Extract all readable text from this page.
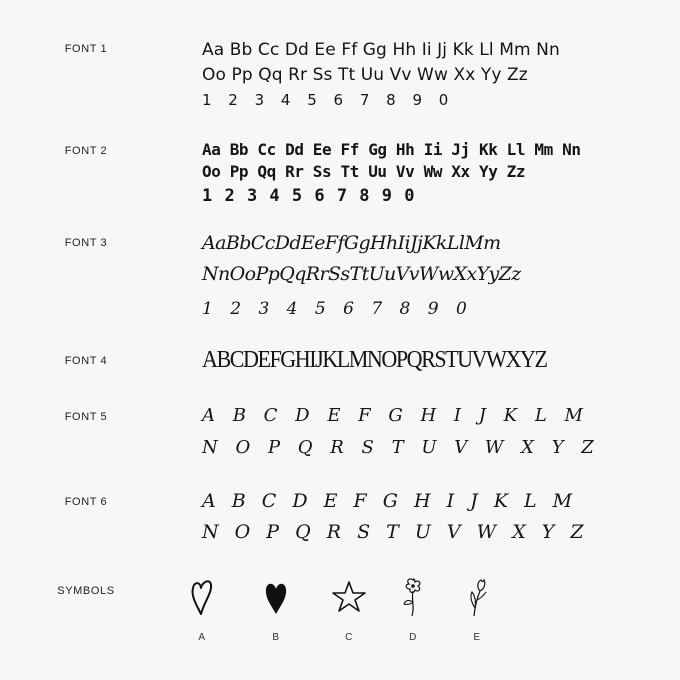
FONT 1	Aa Bb Cc Dd Ee Ff Gg Hh Ii Jj Kk Ll Mm Nn
Oo Pp Qq Rr Ss Tt Uu Vv Ww Xx Yy Zz
1 2 3 4 5 6 7 8 9 0
FONT 2	Aa Bb Cc Dd Ee Ff Gg Hh Ii Jj Kk Ll Mm Nn
Oo Pp Qq Rr Ss Tt Uu Vv Ww Xx Yy Zz
1 2 3 4 5 6 7 8 9 0
FONT 3	AaBbCcDdEeFfGgHhIiJjKkLlMm
NnOoPpQqRrSsTtUuVvWwXxYyZz
1 2 3 4 5 6 7 8 9 0
FONT 4	ABCDEFGHIJKLMNOPQRSTUVWXYZ
FONT 5	A B C D E F G H I J K L M
N O P Q R S T U V W X Y Z
FONT 6	A B C D E F G H I J K L M
N O P Q R S T U V W X Y Z
SYMBOLS
A	B	C	D	E
